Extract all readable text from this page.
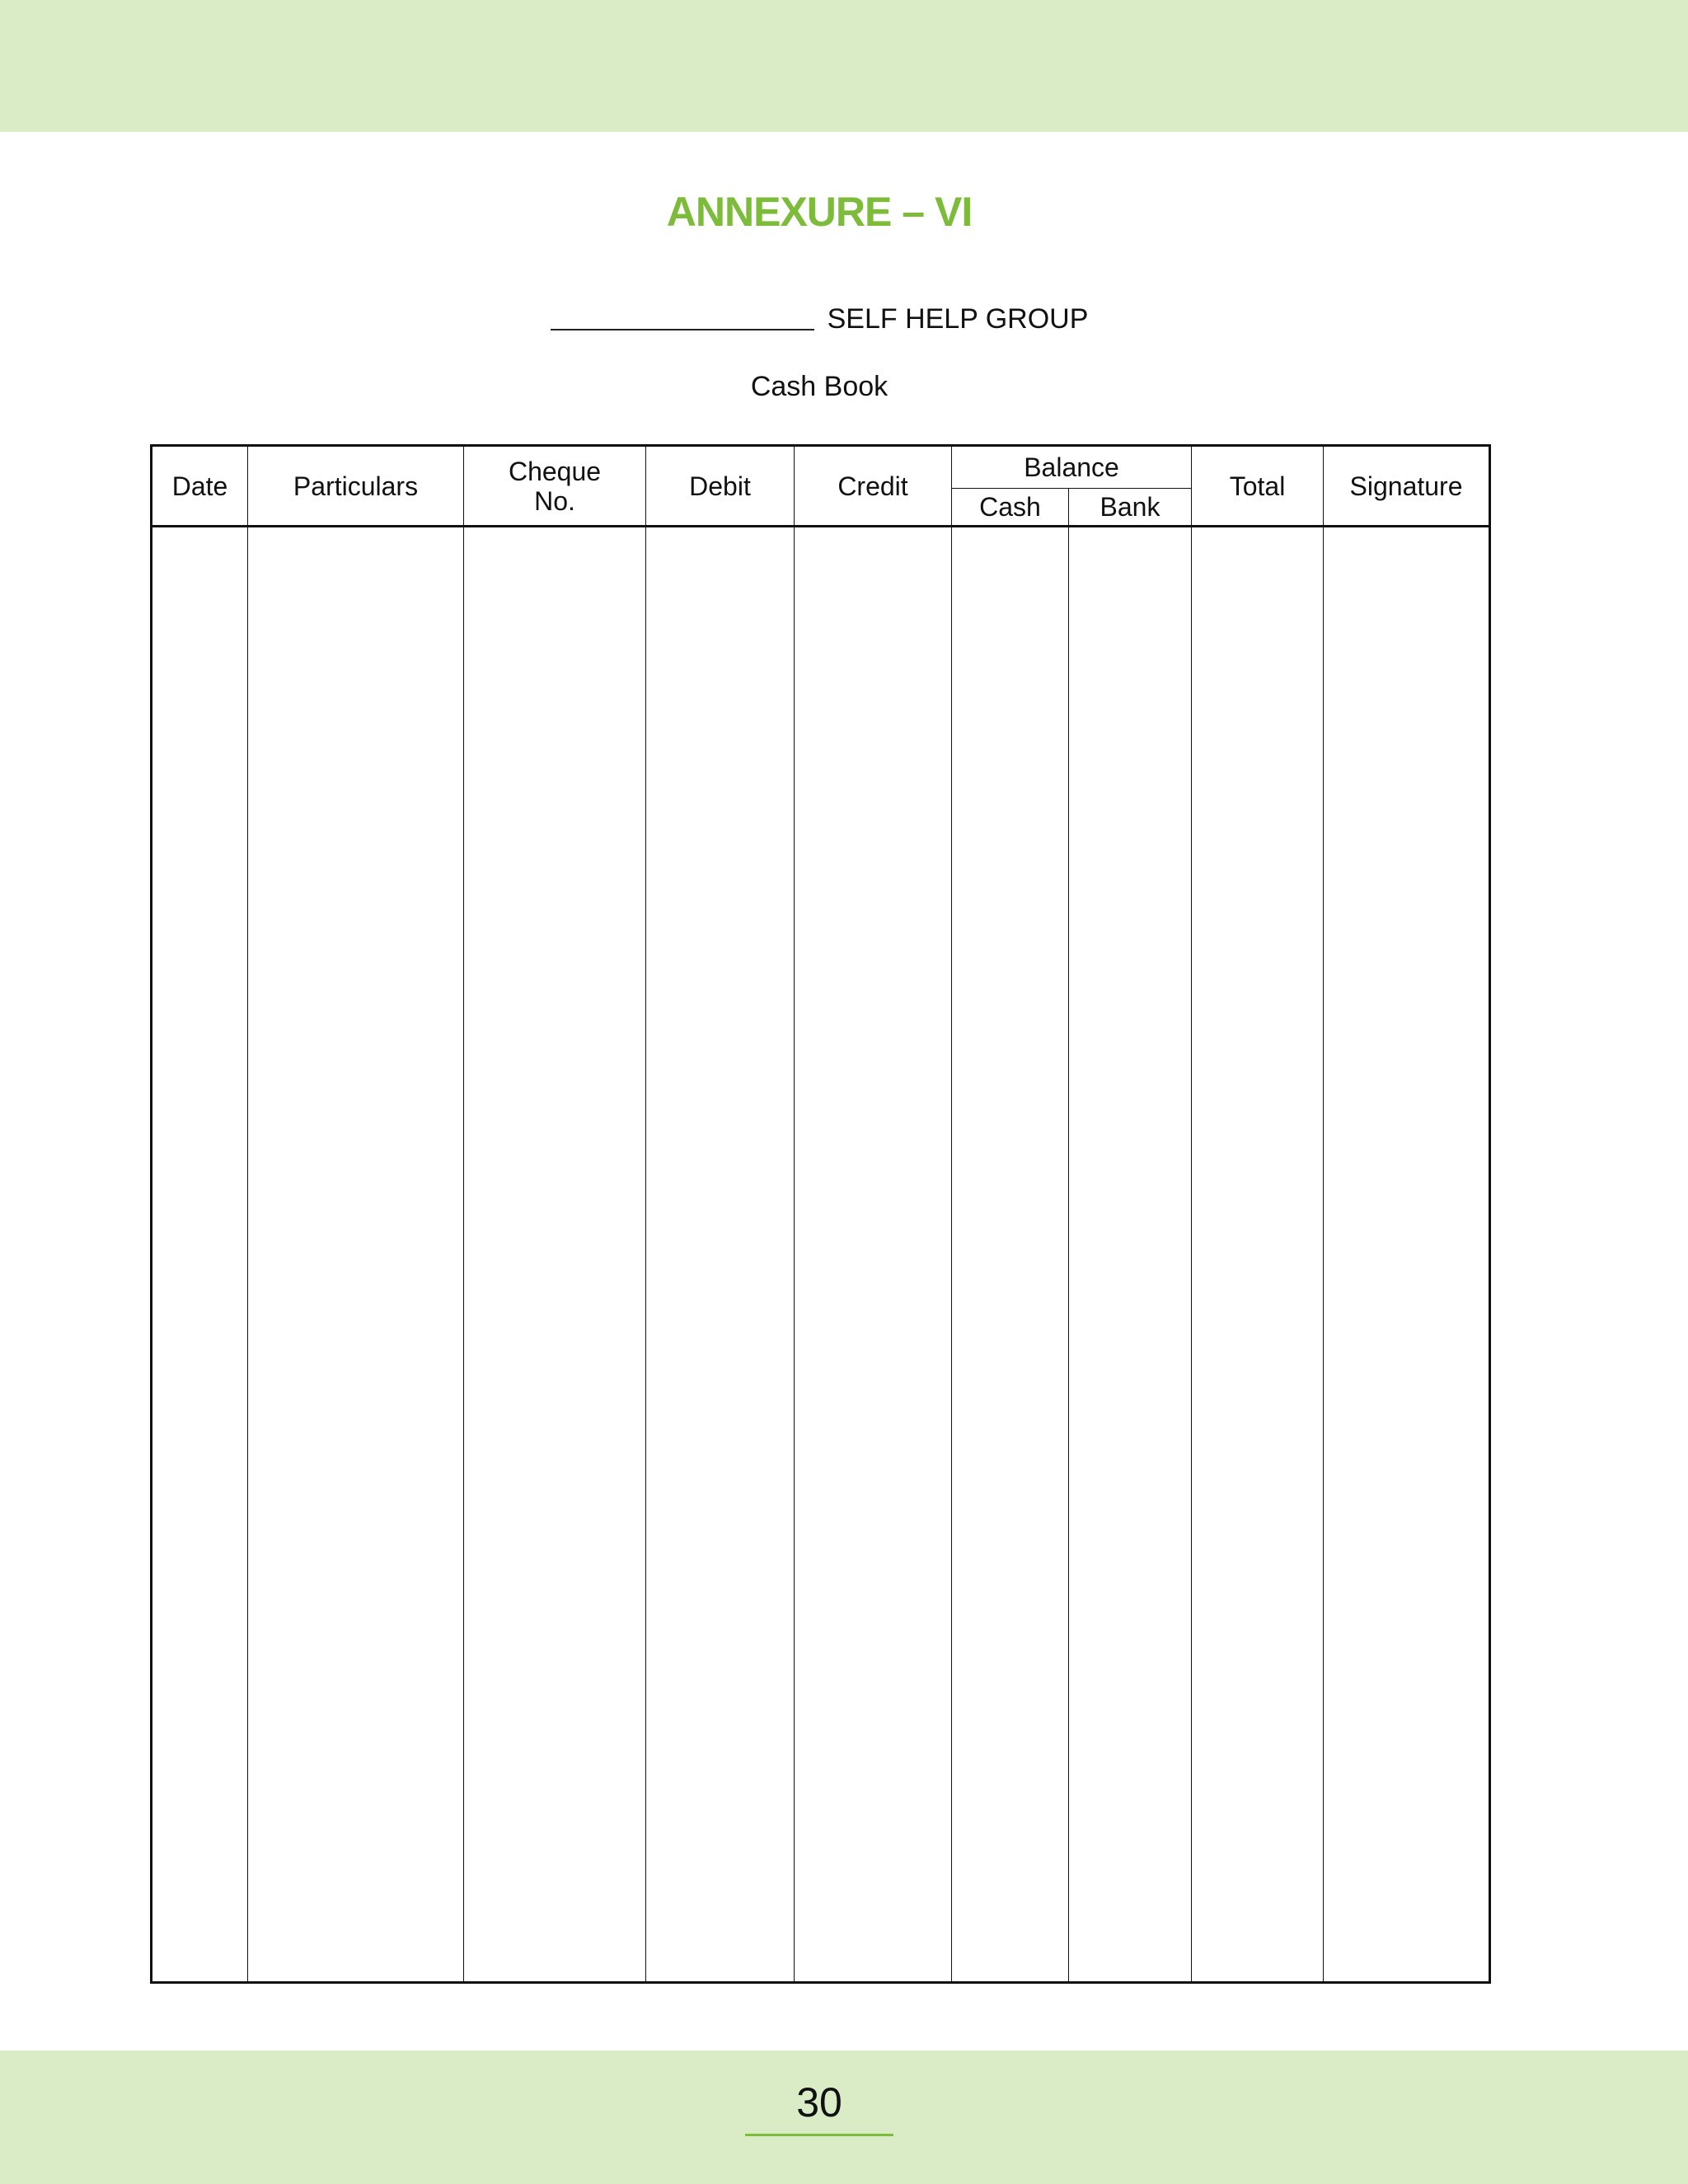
ANNEXURE – VI
SELF HELP GROUP
Cash Book
Date	Particulars	Cheque No.	Debit	Credit	Balance		Total	Signature
					Cash	Bank		

30
